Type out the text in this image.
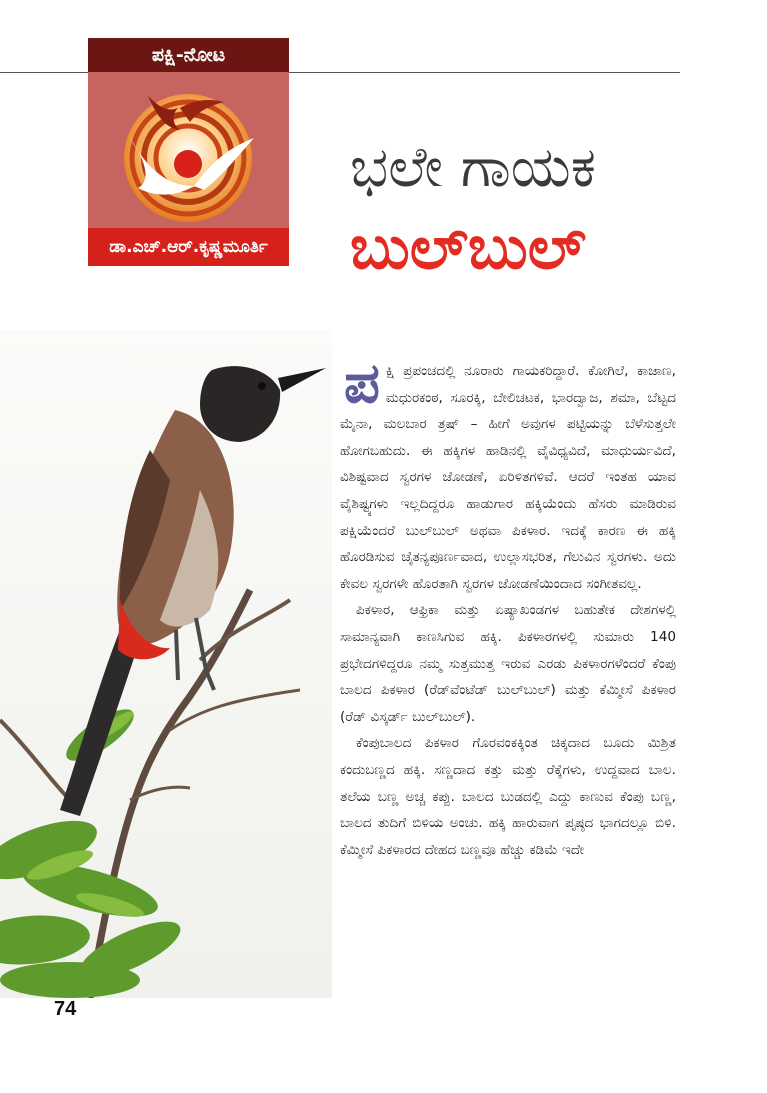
ಪಕ್ಷಿ-ನೋಟ
ಡಾ.ಎಚ್.ಆರ್.ಕೃಷ್ಣಮೂರ್ತಿ
ಭಲೇ ಗಾಯಕ
ಬುಲ್‌ಬುಲ್

ಪಕ್ಷಿ ಪ್ರಪಂಚದಲ್ಲಿ ನೂರಾರು ಗಾಯಕರಿದ್ದಾರೆ. ಕೋಗಿಲೆ, ಕಾಜಾಣ, ಮಧುರಕಂಠ, ಸೂರಕ್ಕಿ, ಬೇಲಿಚಟಕ, ಭಾರದ್ವಾಜ, ಶಮಾ, ಬೆಟ್ಟದ ಮೈನಾ, ಮಲಬಾರ ತ್ರಷ್ – ಹೀಗೆ ಅವುಗಳ ಪಟ್ಟಿಯನ್ನು ಬೆಳೆಸುತ್ತಲೇ ಹೋಗಬಹುದು. ಈ ಹಕ್ಕಿಗಳ ಹಾಡಿನಲ್ಲಿ ವೈವಿಧ್ಯವಿದೆ, ಮಾಧುರ್ಯವಿದೆ, ವಿಶಿಷ್ಟವಾದ ಸ್ವರಗಳ ಜೋಡಣೆ, ಏರಿಳಿತಗಳಿವೆ. ಆದರೆ ಇಂತಹ ಯಾವ ವೈಶಿಷ್ಟ್ಯಗಳು ಇಲ್ಲದಿದ್ದರೂ ಹಾಡುಗಾರ ಹಕ್ಕಿಯೆಂದು ಹೆಸರು ಮಾಡಿರುವ ಪಕ್ಷಿಯೆಂದರೆ ಬುಲ್‌ಬುಲ್ ಅಥವಾ ಪಿಕಳಾರ. ಇದಕ್ಕೆ ಕಾರಣ ಈ ಹಕ್ಕಿ ಹೊರಡಿಸುವ ಚೈತನ್ಯಪೂರ್ಣವಾದ, ಉಲ್ಲಾಸಭರಿತ, ಗೆಲುವಿನ ಸ್ವರಗಳು. ಅದು ಕೇವಲ ಸ್ವರಗಳೇ ಹೊರತಾಗಿ ಸ್ವರಗಳ ಜೋಡಣೆಯಿಂದಾದ ಸಂಗೀತವಲ್ಲ.

ಪಿಕಳಾರ, ಆಫ್ರಿಕಾ ಮತ್ತು ಏಷ್ಯಾಖಂಡಗಳ ಬಹುತೇಕ ದೇಶಗಳಲ್ಲಿ ಸಾಮಾನ್ಯವಾಗಿ ಕಾಣಸಿಗುವ ಹಕ್ಕಿ. ಪಿಕಳಾರಗಳಲ್ಲಿ ಸುಮಾರು 140 ಪ್ರಭೇದಗಳಿದ್ದರೂ ನಮ್ಮ ಸುತ್ತಮುತ್ತ ಇರುವ ಎರಡು ಪಿಕಳಾರಗಳೆಂದರೆ ಕೆಂಪು ಬಾಲದ ಪಿಕಳಾರ (ರೆಡ್‌ವೆಂಟೆಡ್ ಬುಲ್‌ಬುಲ್) ಮತ್ತು ಕೆಮ್ಮೀಸೆ ಪಿಕಳಾರ (ರೆಡ್ ವಿಸ್ಕರ್ಡ್ ಬುಲ್‌ಬುಲ್).

ಕೆಂಪುಬಾಲದ ಪಿಕಳಾರ ಗೊರವಂಕಕ್ಕಿಂತ ಚಿಕ್ಕದಾದ ಬೂದು ಮಿಶ್ರಿತ ಕಂದುಬಣ್ಣದ ಹಕ್ಕಿ. ಸಣ್ಣದಾದ ಕತ್ತು ಮತ್ತು ರೆಕ್ಕೆಗಳು, ಉದ್ದವಾದ ಬಾಲ. ತಲೆಯ ಬಣ್ಣ ಅಚ್ಚ ಕಪ್ಪು. ಬಾಲದ ಬುಡದಲ್ಲಿ ಎದ್ದು ಕಾಣುವ ಕೆಂಪು ಬಣ್ಣ, ಬಾಲದ ತುದಿಗೆ ಬಿಳಿಯ ಅಂಚು. ಹಕ್ಕಿ ಹಾರುವಾಗ ಪೃಷ್ಠದ ಭಾಗದಲ್ಲೂ ಬಿಳಿ. ಕೆಮ್ಮೀಸೆ ಪಿಕಳಾರದ ದೇಹದ ಬಣ್ಣವೂ ಹೆಚ್ಚು ಕಡಿಮೆ ಇದೇ

74
